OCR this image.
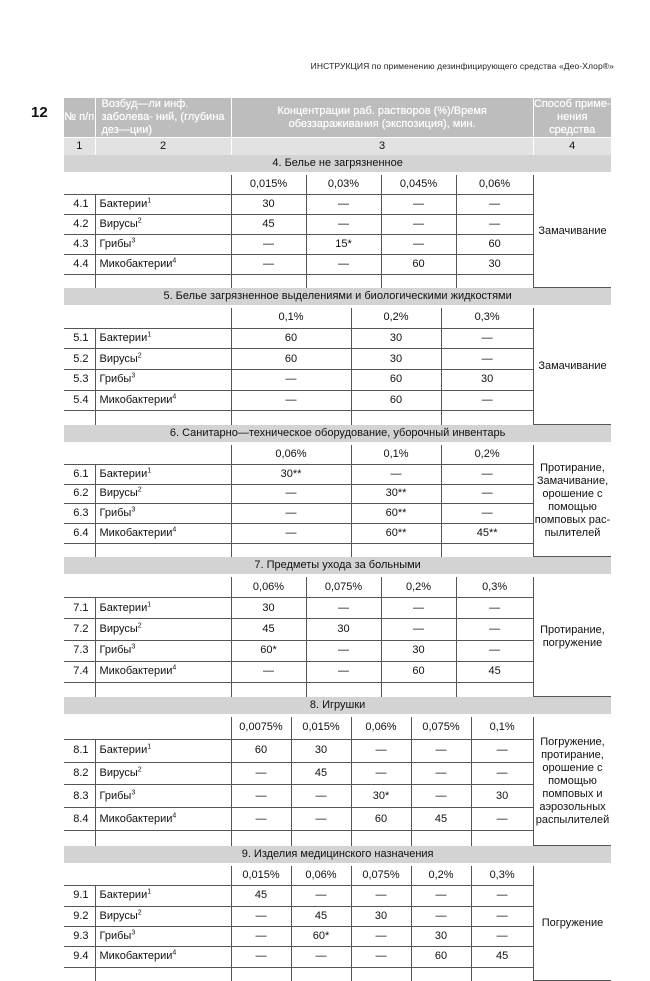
ИНСТРУКЦИЯ по применению дезинфицирующего средства «Део-Хлор®»
12 № п/п	Возбуд—ли инф. заболева- ний, (глубина дез—ции)	Концентрации раб. растворов (%)/Время обеззараживания (экспозиция), мин.									Способ приме- нения средства
1	2	3									4
4. Белье не загрязненное											

		0,015%		0,03%		0,045%			0,06%		Замачивание
4.1	Бактерии$^1$	30		—		—			—		
4.2	Вирусы$^2$	45		—		—			—		
4.3	Грибы$^3$	—		15*		—			60		
4.4	Микобактерии$^4$	—		—		60			30		

5. Белье загрязненное выделениями и биологическими жидкостями											

		0,1%			0,2%			0,3%			Замачивание
5.1	Бактерии$^1$	60			30			—			
5.2	Вирусы$^2$	60			30			—			
5.3	Грибы$^3$	—			60			30			
5.4	Микобактерии$^4$	—			60			—			

6. Санитарно—техническое оборудование, уборочный инвентарь											

		0,06%			0,1%			0,2%			Протирание, Замачивание, орошение с помощью помповых рас- пылителей
6.1	Бактерии$^1$	30**			—			—			
6.2	Вирусы$^2$	—			30**			—			
6.3	Грибы$^3$	—			60**			—			
6.4	Микобактерии$^4$	—			60**			45**			

7. Предметы ухода за больными											

		0,06%		0,075%		0,2%			0,3%		Протирание, погружение
7.1	Бактерии$^1$	30		—		—			—		
7.2	Вирусы$^2$	45		30		—			—		
7.3	Грибы$^3$	60*		—		30			—		
7.4	Микобактерии$^4$	—		—		60			45		

8. Игрушки											

		0,0075%	0,015%		0,06%		0,075%			0,1%	Погружение, протирание, орошение с помощью помповых и аэрозольных распылителей
8.1	Бактерии$^1$	60	30		—		—			—	
8.2	Вирусы$^2$	—	45		—		—			—	
8.3	Грибы$^3$	—	—		30*		—			30	
8.4	Микобактерии$^4$	—	—		60		45			—	

9. Изделия медицинского назначения											

		0,015%	0,06%		0,075%		0,2%			0,3%	Погружение
9.1	Бактерии$^1$	45	—		—		—			—	
9.2	Вирусы$^2$	—	45		30		—			—	
9.3	Грибы$^3$	—	60*		—		30			—	
9.4	Микобактерии$^4$	—	—		—		60			45	
